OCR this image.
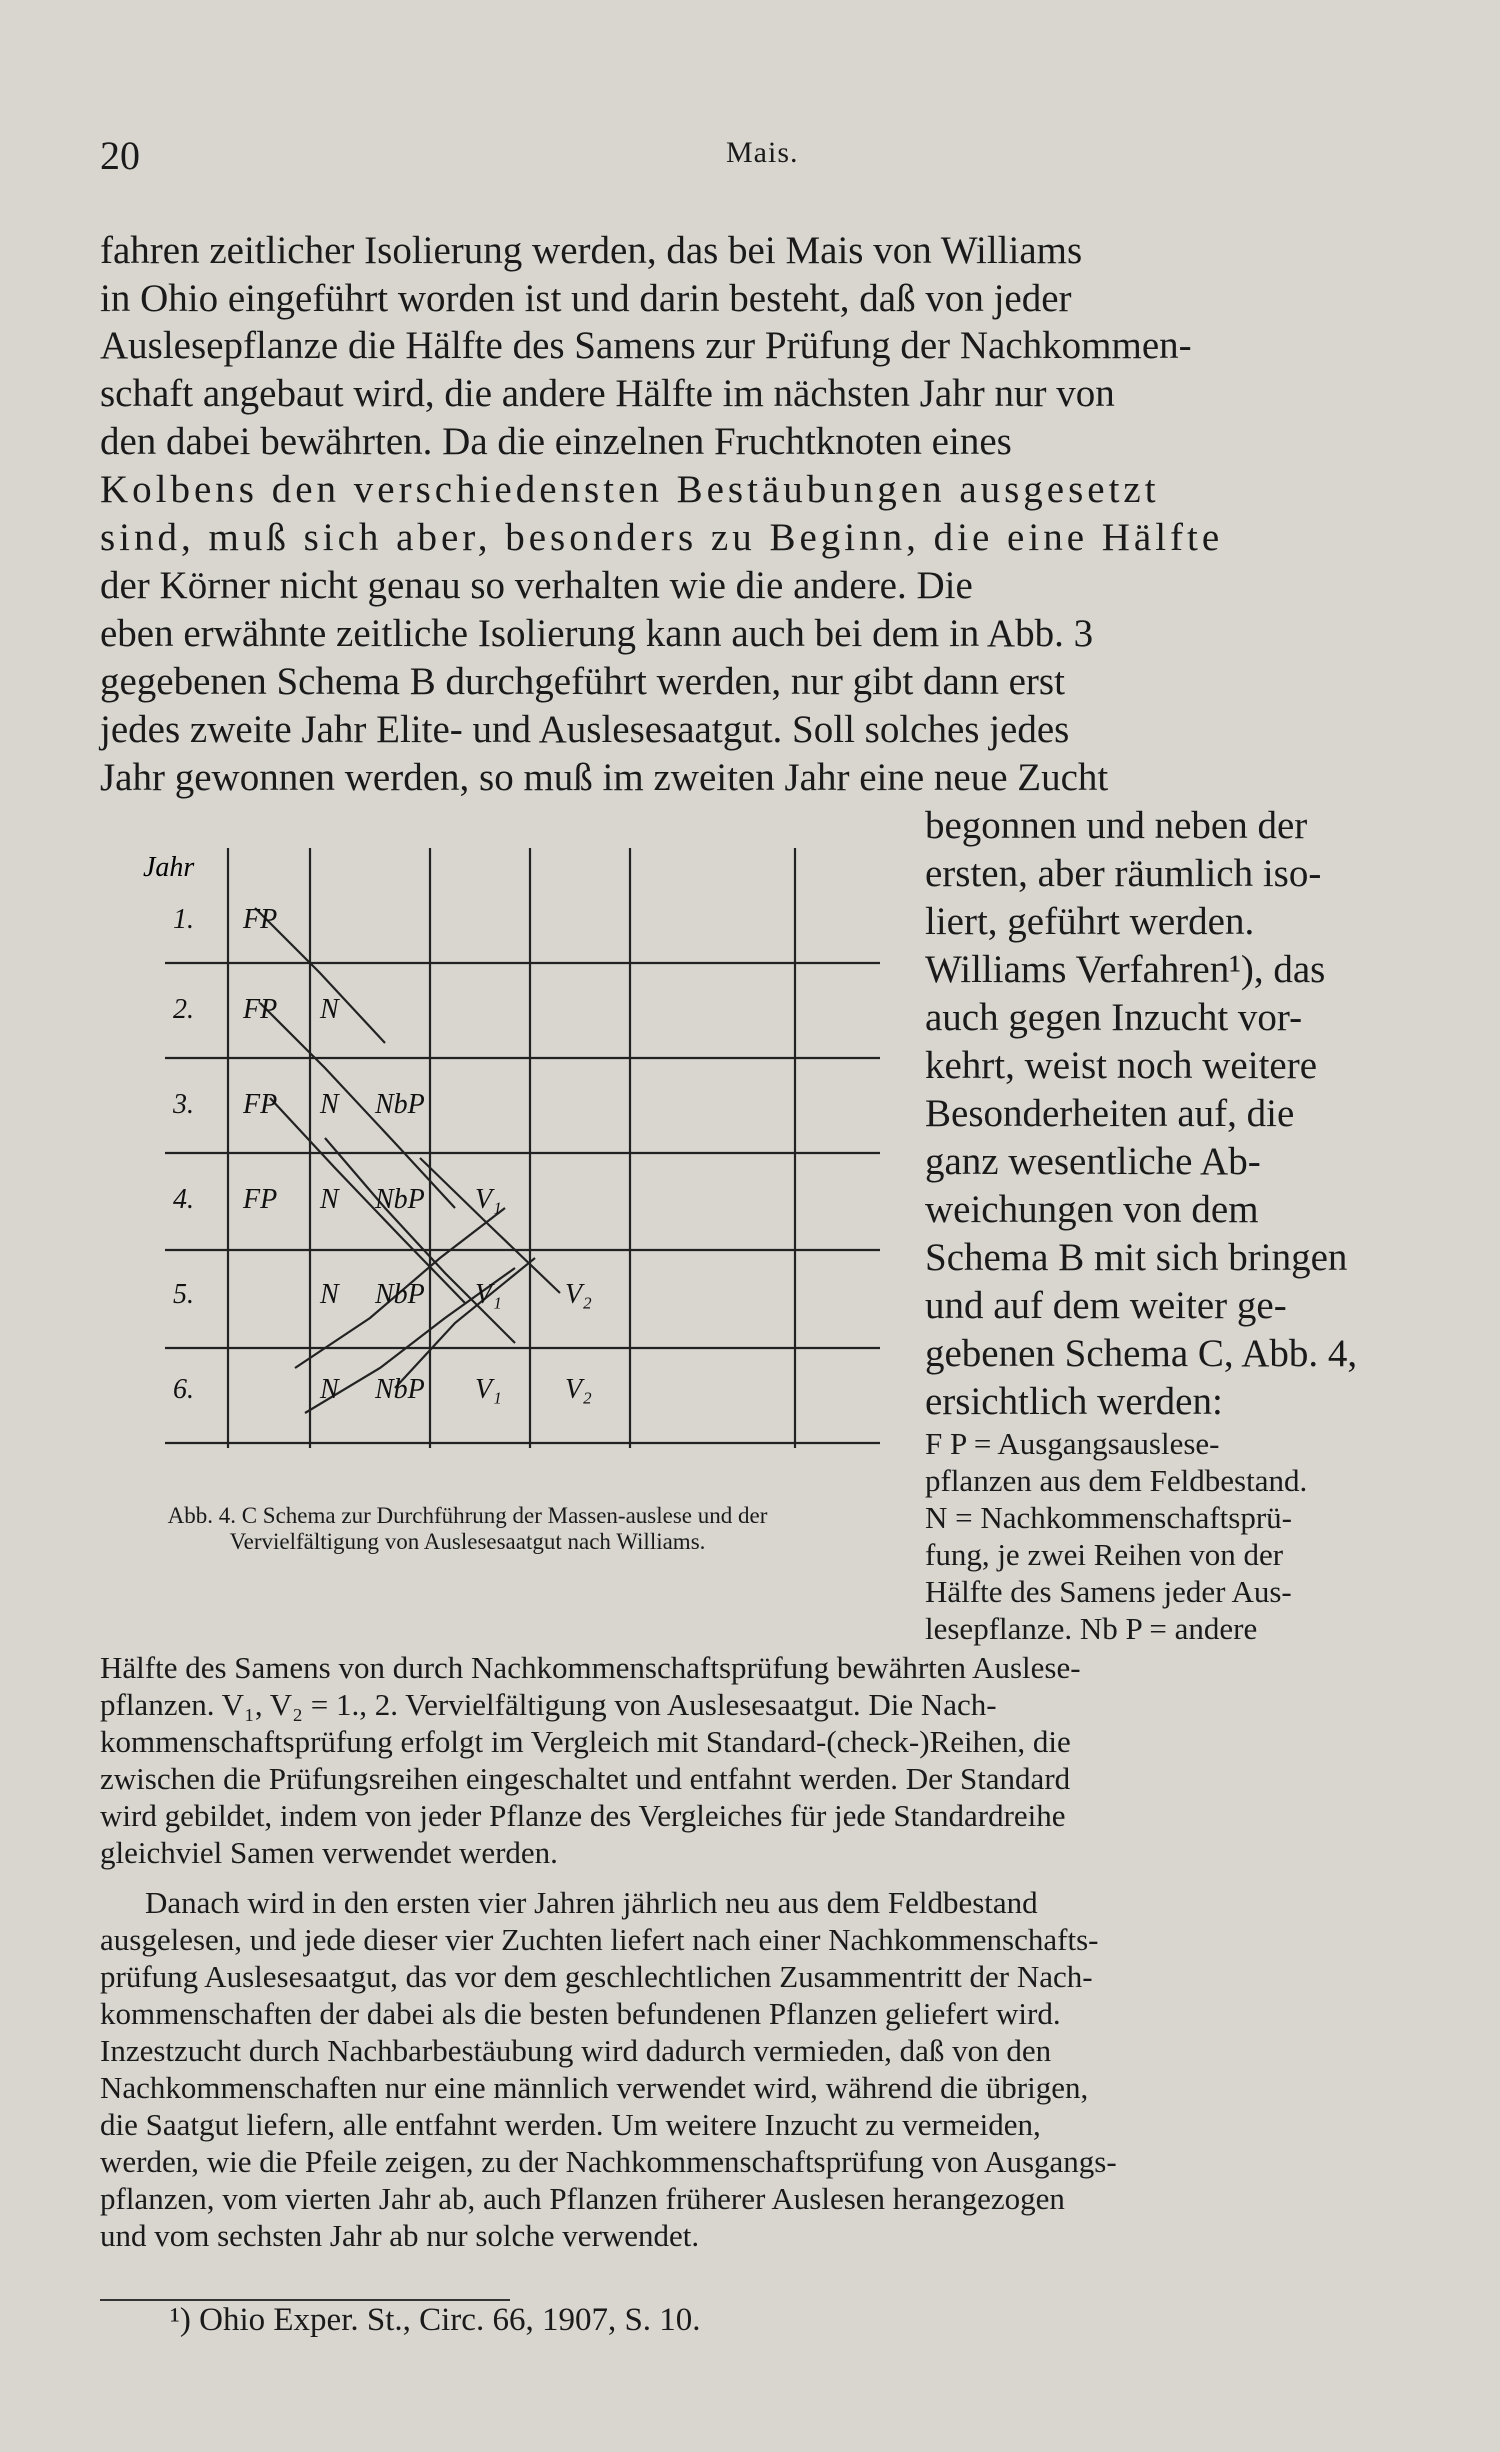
20	Mais.
fahren zeitlicher Isolierung werden, das bei Mais von Williams
in Ohio eingeführt worden ist und darin besteht, daß von jeder
Auslesepflanze die Hälfte des Samens zur Prüfung der Nachkommen-
schaft angebaut wird, die andere Hälfte im nächsten Jahr nur von
den dabei bewährten. Da die einzelnen Fruchtknoten eines
Kolbens den verschiedensten Bestäubungen ausgesetzt
sind, muß sich aber, besonders zu Beginn, die eine Hälfte
der Körner nicht genau so verhalten wie die andere. Die
eben erwähnte zeitliche Isolierung kann auch bei dem in Abb. 3
gegebenen Schema B durchgeführt werden, nur gibt dann erst
jedes zweite Jahr Elite- und Auslesesaatgut. Soll solches jedes
Jahr gewonnen werden, so muß im zweiten Jahr eine neue Zucht
begonnen und neben der
ersten, aber räumlich iso-
liert, geführt werden.
Williams Verfahren¹), das
auch gegen Inzucht vor-
kehrt, weist noch weitere
Besonderheiten auf, die
ganz wesentliche Ab-
weichungen von dem
Schema B mit sich bringen
und auf dem weiter ge-
gebenen Schema C, Abb. 4,
ersichtlich werden:
F P = Ausgangsauslese-
pflanzen aus dem Feldbestand.
N = Nachkommenschaftsprü-
fung, je zwei Reihen von der
Hälfte des Samens jeder Aus-
lesepflanze. Nb P = andere
Hälfte des Samens von durch Nachkommenschaftsprüfung bewährten Auslese-
pflanzen. V₁, V₂ = 1., 2. Vervielfältigung von Auslesesaatgut. Die Nach-
kommenschaftsprüfung erfolgt im Vergleich mit Standard-(check-)Reihen, die
zwischen die Prüfungsreihen eingeschaltet und entfahnt werden. Der Standard
wird gebildet, indem von jeder Pflanze des Vergleiches für jede Standardreihe
gleichviel Samen verwendet werden.
Danach wird in den ersten vier Jahren jährlich neu aus dem Feldbestand
ausgelesen, und jede dieser vier Zuchten liefert nach einer Nachkommenschafts-
prüfung Auslesesaatgut, das vor dem geschlechtlichen Zusammentritt der Nach-
kommenschaften der dabei als die besten befundenen Pflanzen geliefert wird.
Inzestzucht durch Nachbarbestäubung wird dadurch vermieden, daß von den
Nachkommenschaften nur eine männlich verwendet wird, während die übrigen,
die Saatgut liefern, alle entfahnt werden. Um weitere Inzucht zu vermeiden,
werden, wie die Pfeile zeigen, zu der Nachkommenschaftsprüfung von Ausgangs-
pflanzen, vom vierten Jahr ab, auch Pflanzen früherer Auslesen herangezogen
und vom sechsten Jahr ab nur solche verwendet.
Jahr
1.
2.
3.
4.
5.
6.
FP
FP N
FP N NbP
FP N NbP V₁
N NbP V₁ V₂
N NbP V₁ V₂
Abb. 4. C Schema zur Durchführung der Massen-auslese und der Vervielfältigung von Auslesesaatgut nach Williams.
¹) Ohio Exper. St., Circ. 66, 1907, S. 10.
